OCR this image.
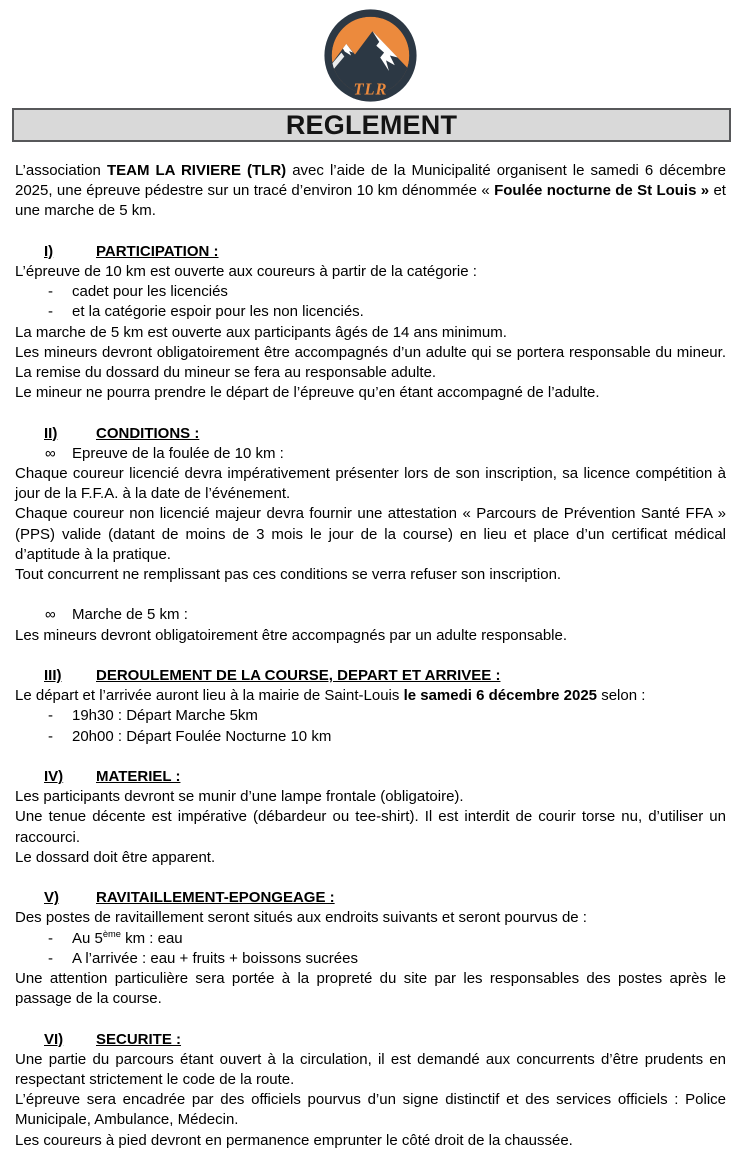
TLR
REGLEMENT
L’association TEAM LA RIVIERE (TLR) avec l’aide de la Municipalité organisent le samedi 6 décembre 2025, une épreuve pédestre sur un tracé d’environ 10 km dénommée « Foulée nocturne de St Louis » et une marche de 5 km.
I)	PARTICIPATION :
L’épreuve de 10 km est ouverte aux coureurs à partir de la catégorie :
-	cadet pour les licenciés
-	et la catégorie espoir pour les non licenciés.
La marche de 5 km est ouverte aux participants âgés de 14 ans minimum.
Les mineurs devront obligatoirement être accompagnés d’un adulte qui se portera responsable du mineur. La remise du dossard du mineur se fera au responsable adulte.
Le mineur ne pourra prendre le départ de l’épreuve qu’en étant accompagné de l’adulte.
II)	CONDITIONS :
∞	Epreuve de la foulée de 10 km :
Chaque coureur licencié devra impérativement présenter lors de son inscription, sa licence compétition à jour de la F.F.A. à la date de l’événement.
Chaque coureur non licencié majeur devra fournir une attestation « Parcours de Prévention Santé FFA » (PPS) valide (datant de moins de 3 mois le jour de la course) en lieu et place d’un certificat médical d’aptitude à la pratique.
Tout concurrent ne remplissant pas ces conditions se verra refuser son inscription.
∞	Marche de 5 km :
Les mineurs devront obligatoirement être accompagnés par un adulte responsable.
III) DEROULEMENT DE LA COURSE, DEPART ET ARRIVEE :
Le départ et l’arrivée auront lieu à la mairie de Saint-Louis le samedi 6 décembre 2025 selon :
-	19h30 : Départ Marche 5km
-	20h00 : Départ Foulée Nocturne 10 km
IV) MATERIEL :
Les participants devront se munir d’une lampe frontale (obligatoire).
Une tenue décente est impérative (débardeur ou tee-shirt). Il est interdit de courir torse nu, d’utiliser un raccourci.
Le dossard doit être apparent.
V) RAVITAILLEMENT-EPONGEAGE :
Des postes de ravitaillement seront situés aux endroits suivants et seront pourvus de :
-	Au 5ème km : eau
-	A l’arrivée : eau + fruits + boissons sucrées
Une attention particulière sera portée à la propreté du site par les responsables des postes après le passage de la course.
VI) SECURITE :
Une partie du parcours étant ouvert à la circulation, il est demandé aux concurrents d’être prudents en respectant strictement le code de la route.
L’épreuve sera encadrée par des officiels pourvus d’un signe distinctif et des services officiels : Police Municipale, Ambulance, Médecin.
Les coureurs à pied devront en permanence emprunter le côté droit de la chaussée.
